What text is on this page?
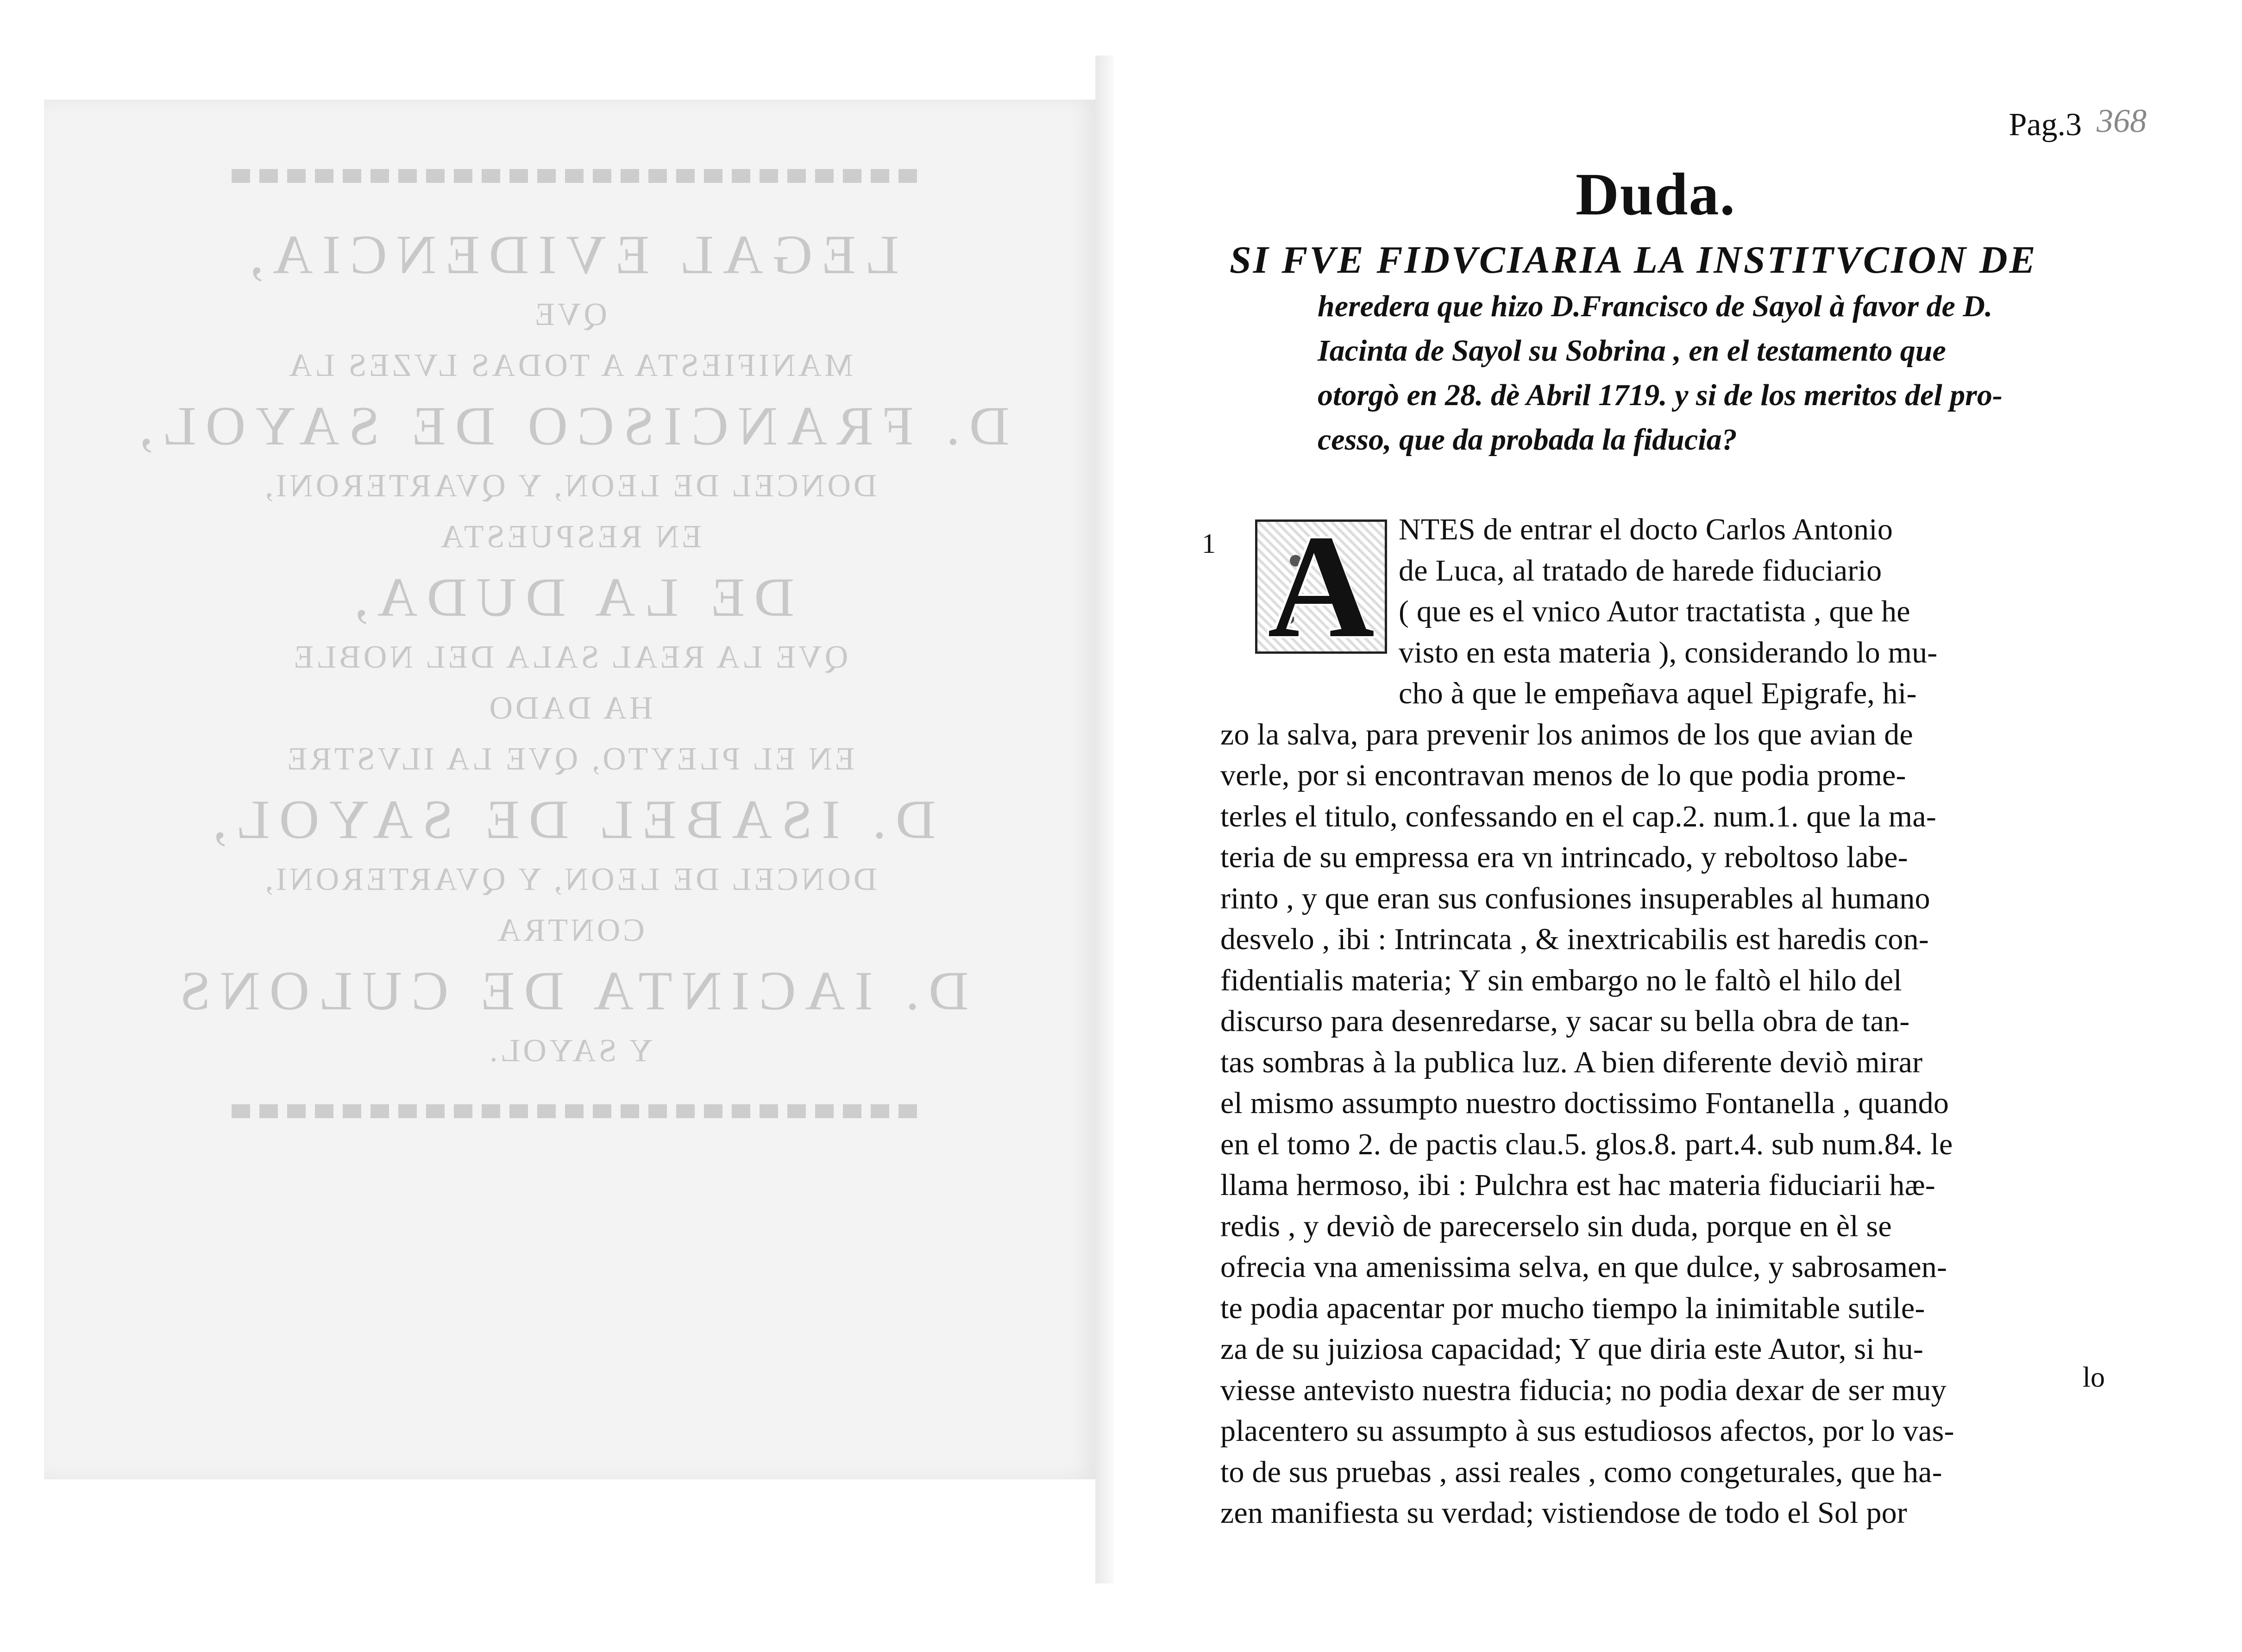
LEGAL EVIDENCIA,
QVE
MANIFIESTA A TODAS LVZES LA
D. FRANCISCO DE SAYOL,
DONCEL DE LEON, Y QVARTERONI,
EN RESPUESTA
DE LA DUDA,
QVE LA REAL SALA DEL NOBLE
HA DADO
EN EL PLEYTO, QVE LA ILVSTRE
D. ISABEL DE SAYOL,
DONCEL DE LEON, Y QVARTERONI,
CONTRA
D. IACINTA DE CULONS
Y SAYOL.
Pag.3 368
Duda.
SI FVE FIDVCIARIA LA INSTITVCION DE
heredera que hizo D.Francisco de Sayol à favor de D.
Iacinta de Sayol su Sobrina , en el testamento que
otorgò en 28. dè Abril 1719. y si de los meritos del pro-
cesso, que da probada la fiducia?
1 A NTES de entrar el docto Carlos Antonio
de Luca, al tratado de harede fiduciario
( que es el vnico Autor tractatista , que he
visto en esta materia ), considerando lo mu-
cho à que le empeñava aquel Epigrafe, hi-
zo la salva, para prevenir los animos de los que avian de
verle, por si encontravan menos de lo que podia prome-
terles el titulo, confessando en el cap.2. num.1. que la ma-
teria de su empressa era vn intrincado, y reboltoso labe-
rinto , y que eran sus confusiones insuperables al humano
desvelo , ibi : Intrincata , & inextricabilis est haredis con-
fidentialis materia; Y sin embargo no le faltò el hilo del
discurso para desenredarse, y sacar su bella obra de tan-
tas sombras à la publica luz. A bien diferente deviò mirar
el mismo assumpto nuestro doctissimo Fontanella , quando
en el tomo 2. de pactis clau.5. glos.8. part.4. sub num.84. le
llama hermoso, ibi : Pulchra est hac materia fiduciarii hæ-
redis , y deviò de parecerselo sin duda, porque en èl se
ofrecia vna amenissima selva, en que dulce, y sabrosamen-
te podia apacentar por mucho tiempo la inimitable sutile-
za de su juiziosa capacidad; Y que diria este Autor, si hu-
viesse antevisto nuestra fiducia; no podia dexar de ser muy
placentero su assumpto à sus estudiosos afectos, por lo vas-
to de sus pruebas , assi reales , como congeturales, que ha-
zen manifiesta su verdad; vistiendose de todo el Sol por
lo
